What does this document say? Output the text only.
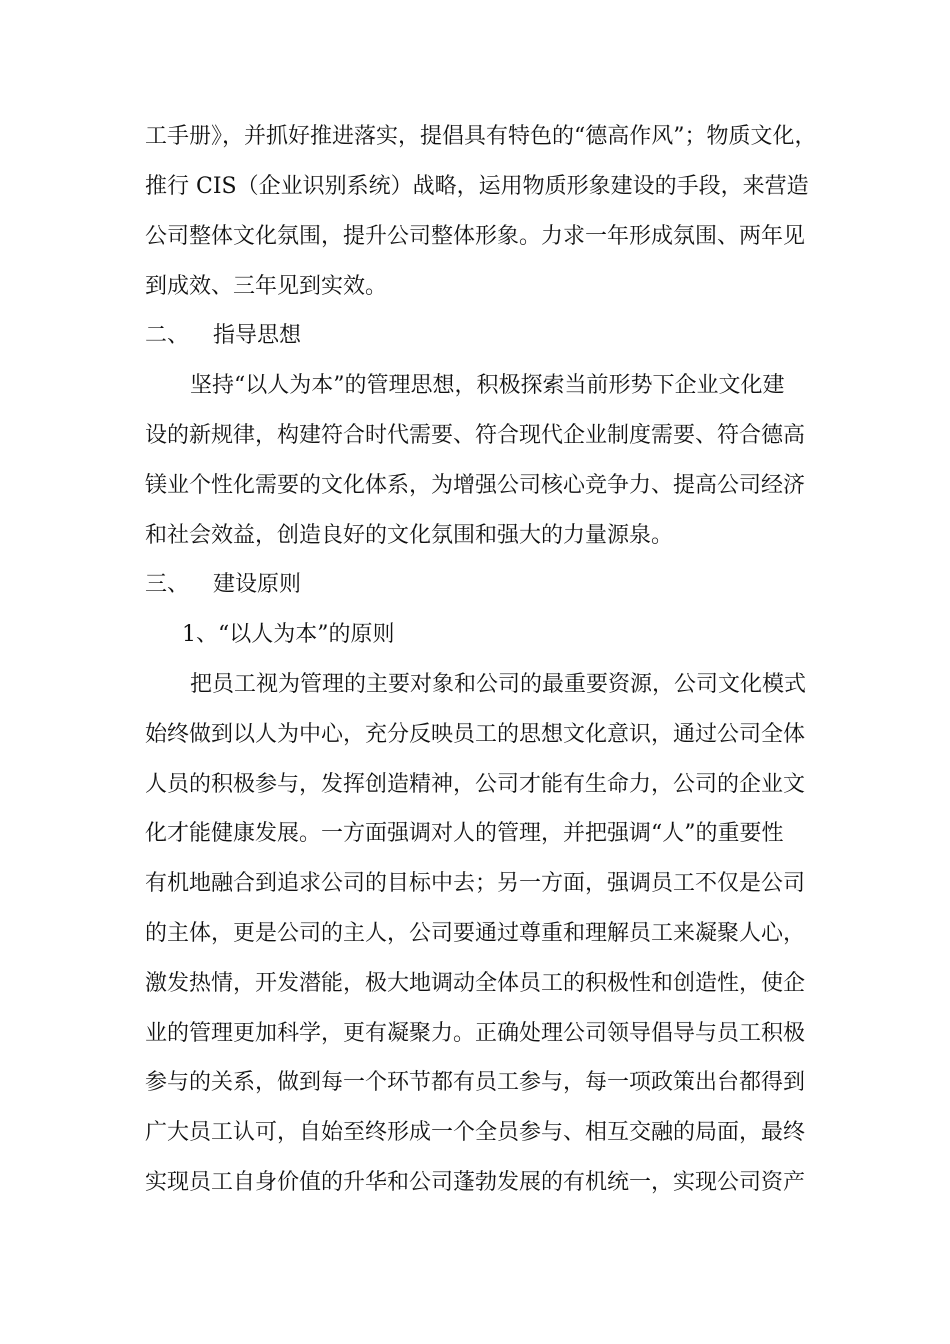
工手册》，并抓好推进落实，提倡具有特色的“德高作风”；物质文化，
推行 CIS（企业识别系统）战略，运用物质形象建设的手段，来营造
公司整体文化氛围，提升公司整体形象。力求一年形成氛围、两年见
到成效、三年见到实效。
二、 指导思想
坚持“以人为本”的管理思想，积极探索当前形势下企业文化建
设的新规律，构建符合时代需要、符合现代企业制度需要、符合德高
镁业个性化需要的文化体系，为增强公司核心竞争力、提高公司经济
和社会效益，创造良好的文化氛围和强大的力量源泉。
三、 建设原则
1、“以人为本”的原则
把员工视为管理的主要对象和公司的最重要资源，公司文化模式
始终做到以人为中心，充分反映员工的思想文化意识，通过公司全体
人员的积极参与，发挥创造精神，公司才能有生命力，公司的企业文
化才能健康发展。一方面强调对人的管理，并把强调“人”的重要性
有机地融合到追求公司的目标中去；另一方面，强调员工不仅是公司
的主体，更是公司的主人，公司要通过尊重和理解员工来凝聚人心，
激发热情，开发潜能，极大地调动全体员工的积极性和创造性，使企
业的管理更加科学，更有凝聚力。正确处理公司领导倡导与员工积极
参与的关系，做到每一个环节都有员工参与，每一项政策出台都得到
广大员工认可，自始至终形成一个全员参与、相互交融的局面，最终
实现员工自身价值的升华和公司蓬勃发展的有机统一，实现公司资产
